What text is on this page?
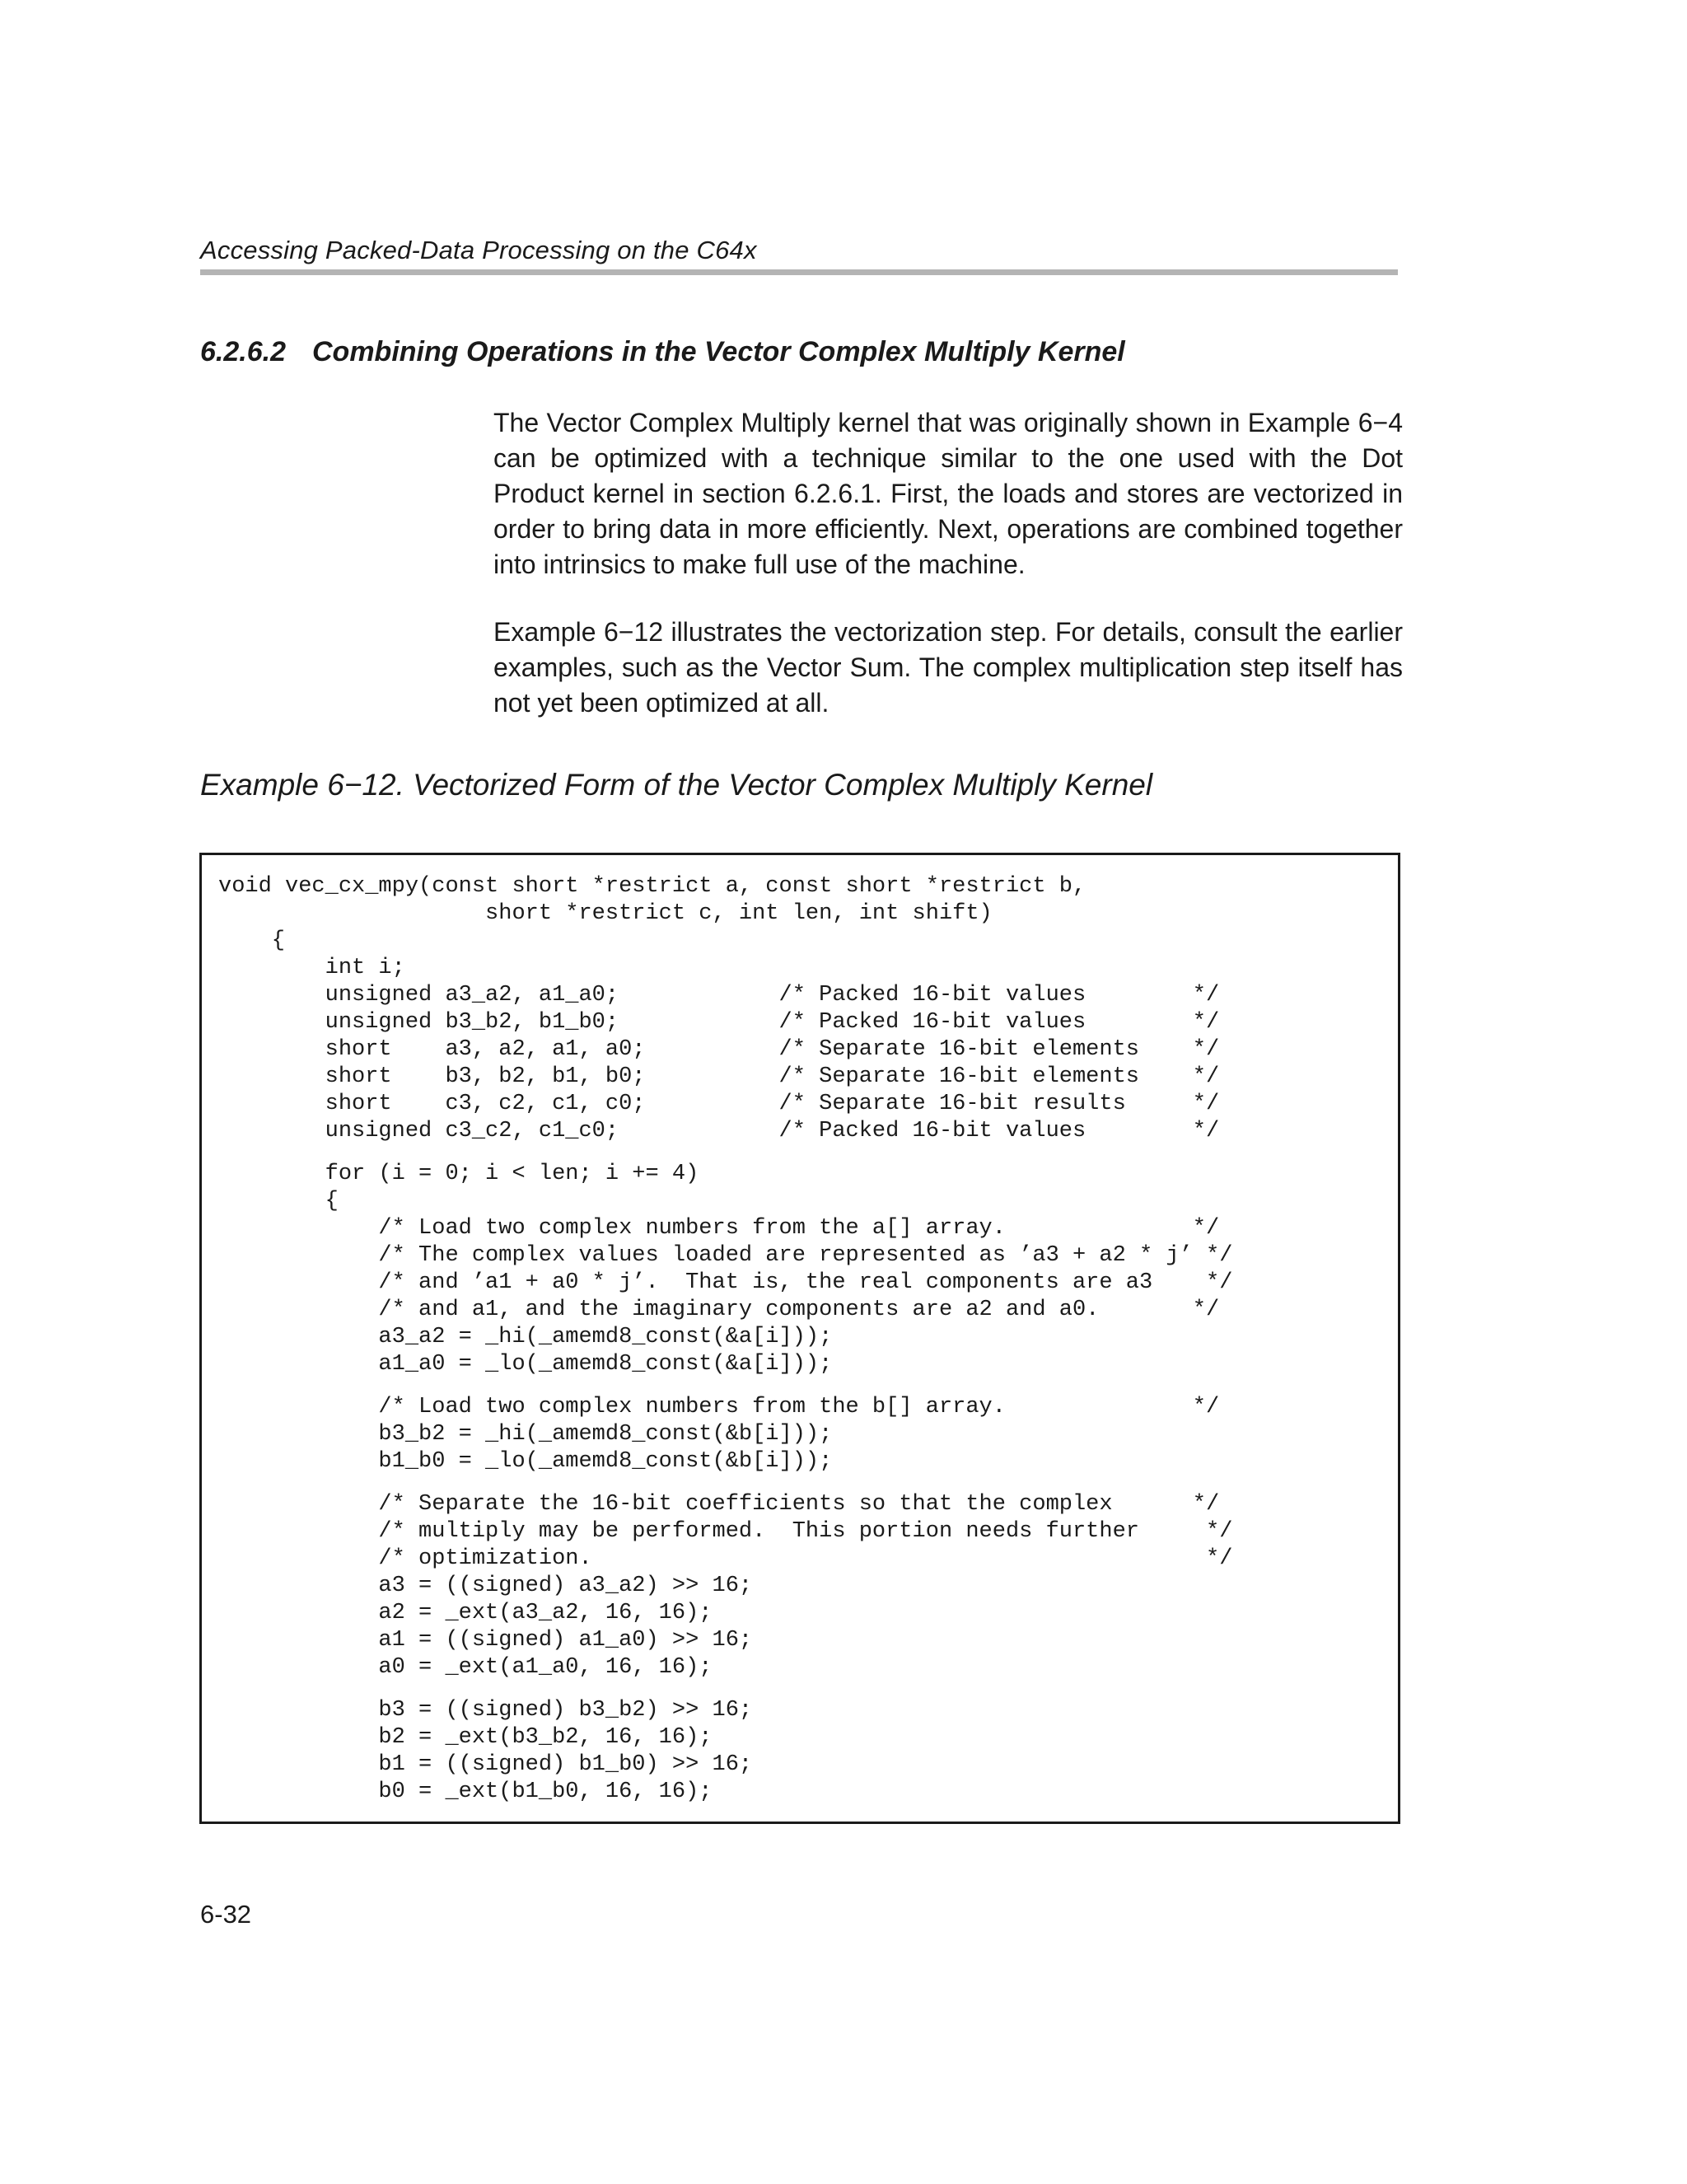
Accessing Packed-Data Processing on the C64x
6.2.6.2 Combining Operations in the Vector Complex Multiply Kernel
The Vector Complex Multiply kernel that was originally shown in Example 6−4 can be optimized with a technique similar to the one used with the Dot Product kernel in section 6.2.6.1. First, the loads and stores are vectorized in order to bring data in more efficiently. Next, operations are combined together into intrinsics to make full use of the machine.
Example 6−12 illustrates the vectorization step. For details, consult the earlier examples, such as the Vector Sum. The complex multiplication step itself has not yet been optimized at all.
Example 6−12. Vectorized Form of the Vector Complex Multiply Kernel
void vec_cx_mpy(const short *restrict a, const short *restrict b,
short *restrict c, int len, int shift)
{
int i;
unsigned a3_a2, a1_a0;            /* Packed 16-bit values        */
unsigned b3_b2, b1_b0;            /* Packed 16-bit values        */
short    a3, a2, a1, a0;          /* Separate 16-bit elements    */
short    b3, b2, b1, b0;          /* Separate 16-bit elements    */
short    c3, c2, c1, c0;          /* Separate 16-bit results     */
unsigned c3_c2, c1_c0;            /* Packed 16-bit values        */
for (i = 0; i < len; i += 4)
{
/* Load two complex numbers from the a[] array.              */
/* The complex values loaded are represented as ’a3 + a2 * j’ */
/* and ’a1 + a0 * j’.  That is, the real components are a3    */
/* and a1, and the imaginary components are a2 and a0.       */
a3_a2 = _hi(_amemd8_const(&a[i]));
a1_a0 = _lo(_amemd8_const(&a[i]));
/* Load two complex numbers from the b[] array.              */
b3_b2 = _hi(_amemd8_const(&b[i]));
b1_b0 = _lo(_amemd8_const(&b[i]));
/* Separate the 16-bit coefficients so that the complex      */
/* multiply may be performed.  This portion needs further     */
/* optimization.                                              */
a3 = ((signed) a3_a2) >> 16;
a2 = _ext(a3_a2, 16, 16);
a1 = ((signed) a1_a0) >> 16;
a0 = _ext(a1_a0, 16, 16);
b3 = ((signed) b3_b2) >> 16;
b2 = _ext(b3_b2, 16, 16);
b1 = ((signed) b1_b0) >> 16;
b0 = _ext(b1_b0, 16, 16);
6-32
